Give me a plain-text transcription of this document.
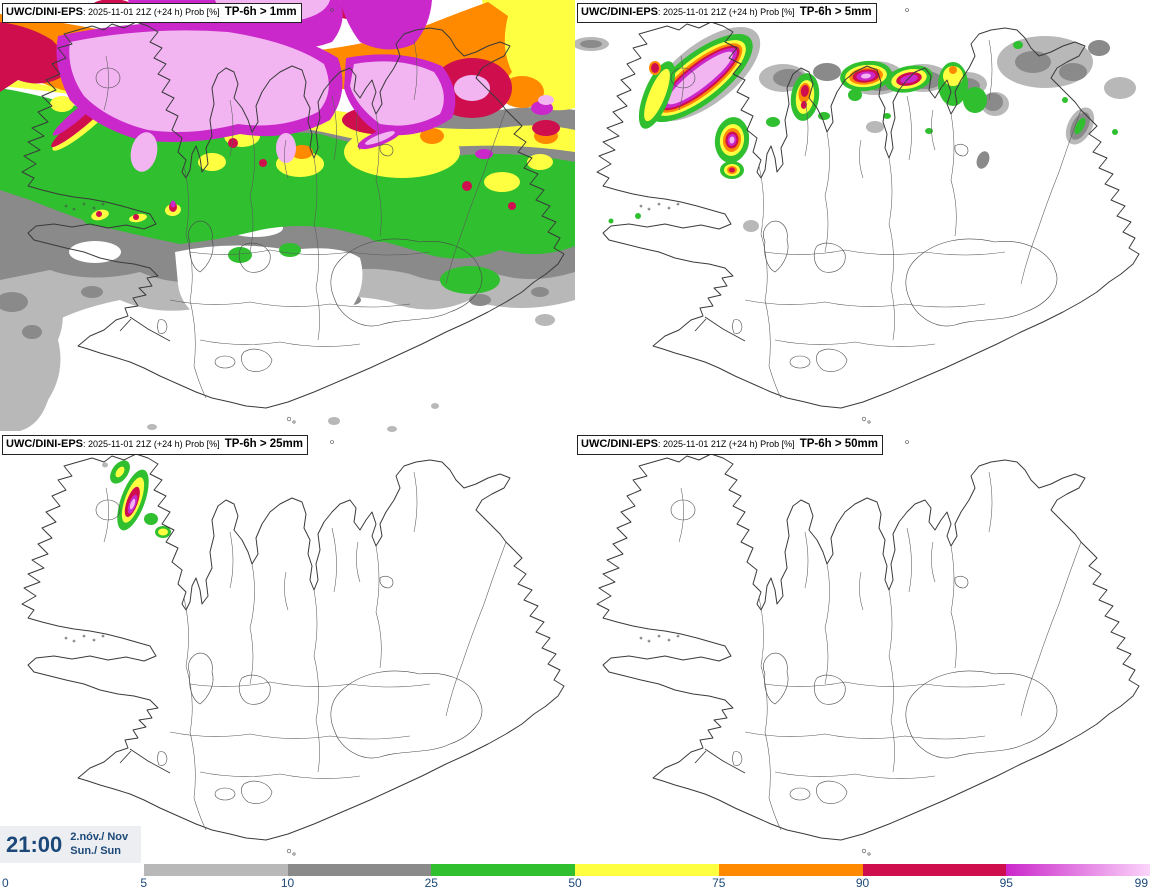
UWC/DINI-EPS : 2025-11-01 21Z (+24 h) Prob [%] TP-6h > 1mm	UWC/DINI-EPS : 2025-11-01 21Z (+24 h) Prob [%] TP-6h > 5mm
UWC/DINI-EPS : 2025-11-01 21Z (+24 h) Prob [%] TP-6h > 25mm	UWC/DINI-EPS : 2025-11-01 21Z (+24 h) Prob [%] TP-6h > 50mm
21:00 2.nóv./ Nov
Sun./ Sun
0	5	10	25	50	75	90	95	99
